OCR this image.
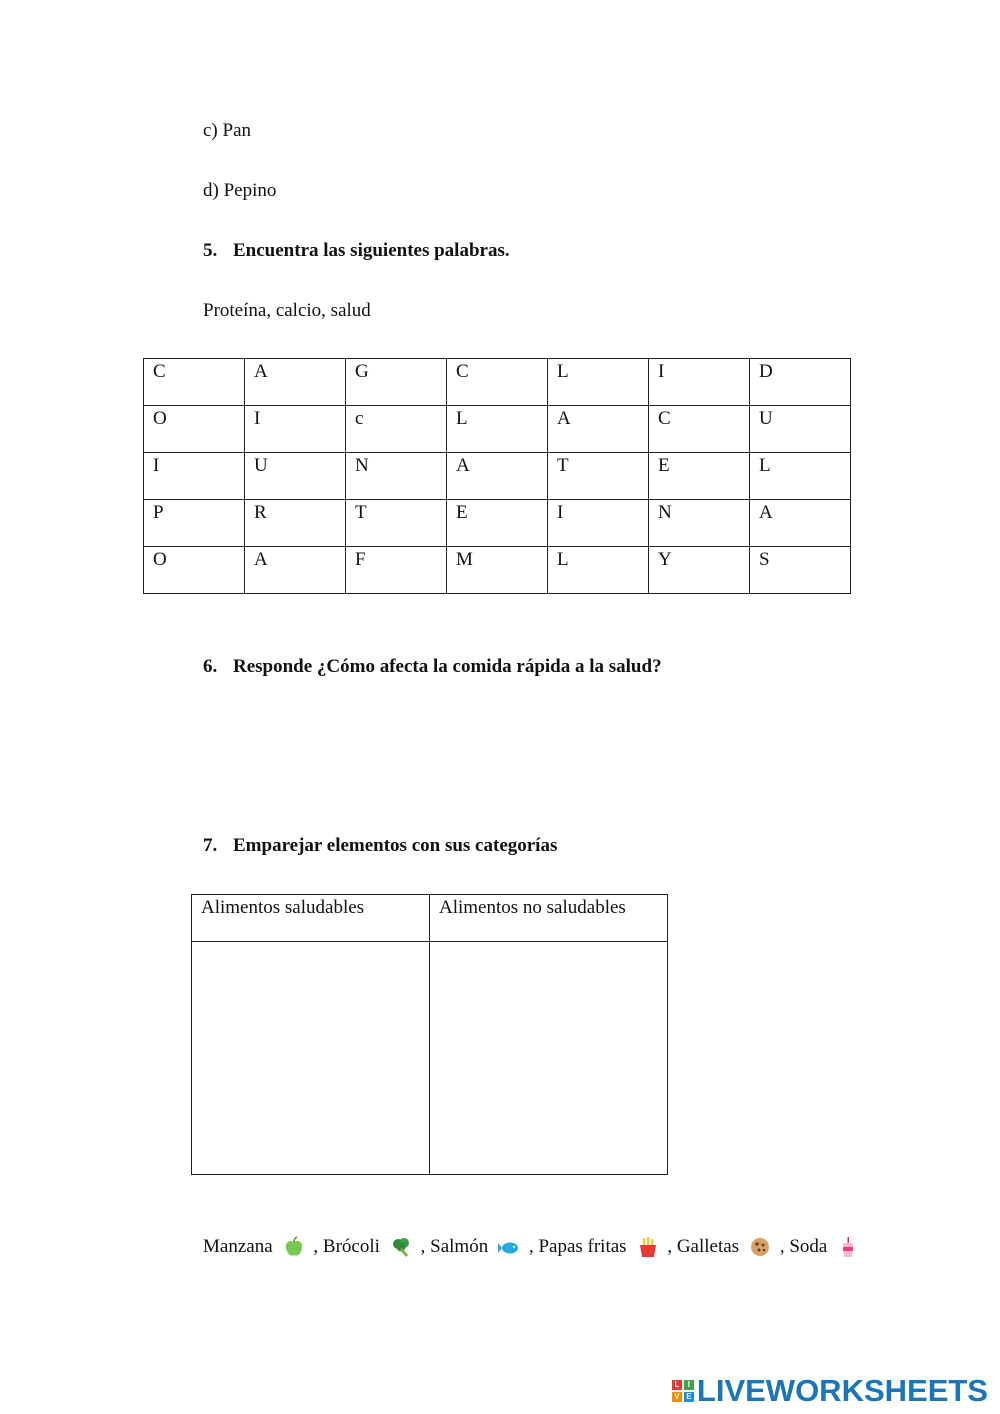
c) Pan
d) Pepino
5. Encuentra las siguientes palabras.
Proteína, calcio, salud
C	A	G	C	L	I	D
O	I	c	L	A	C	U
I	U	N	A	T	E	L
P	R	T	E	I	N	A
O	A	F	M	L	Y	S
6. Responde ¿Cómo afecta la comida rápida a la salud?
7. Emparejar elementos con sus categorías
Alimentos saludables	Alimentos no saludables

Manzana
, Brócoli
, Salmón
, Papas fritas
, Galletas
, Soda
L	I
V E LIVEWORKSHEETS
